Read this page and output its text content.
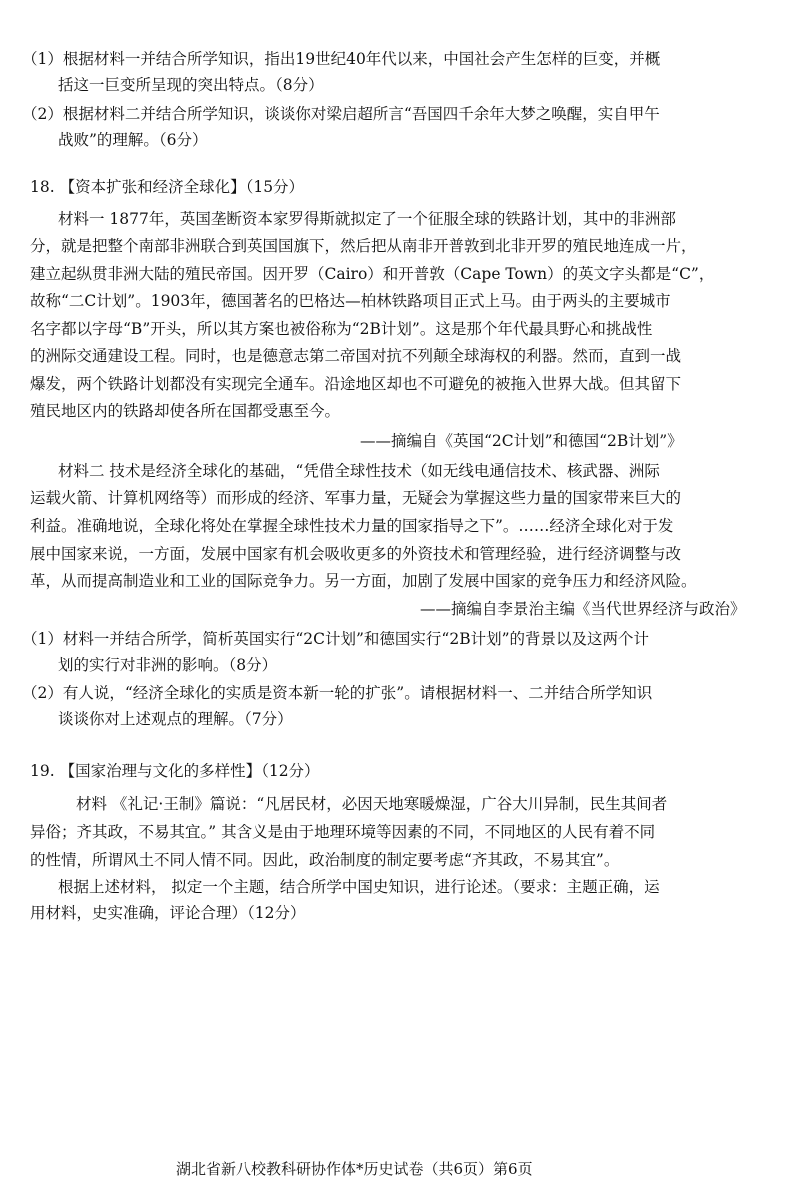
（1）根据材料一并结合所学知识，指出19世纪40年代以来，中国社会产生怎样的巨变，并概
括这一巨变所呈现的突出特点。（8分）
（2）根据材料二并结合所学知识，谈谈你对梁启超所言“吾国四千余年大梦之唤醒，实自甲午
战败”的理解。（6分）
18. 【资本扩张和经济全球化】（15分）
材料一 1877年，英国垄断资本家罗得斯就拟定了一个征服全球的铁路计划，其中的非洲部
分，就是把整个南部非洲联合到英国国旗下，然后把从南非开普敦到北非开罗的殖民地连成一片，
建立起纵贯非洲大陆的殖民帝国。因开罗（Cairo）和开普敦（Cape Town）的英文字头都是“C”，
故称“二C计划”。1903年，德国著名的巴格达—柏林铁路项目正式上马。由于两头的主要城市
名字都以字母“B”开头，所以其方案也被俗称为“2B计划”。这是那个年代最具野心和挑战性
的洲际交通建设工程。同时，也是德意志第二帝国对抗不列颠全球海权的利器。然而，直到一战
爆发，两个铁路计划都没有实现完全通车。沿途地区却也不可避免的被拖入世界大战。但其留下
殖民地区内的铁路却使各所在国都受惠至今。
——摘编自《英国“2C计划”和德国“2B计划”》
材料二 技术是经济全球化的基础，“凭借全球性技术（如无线电通信技术、核武器、洲际
运载火箭、计算机网络等）而形成的经济、军事力量，无疑会为掌握这些力量的国家带来巨大的
利益。准确地说，全球化将处在掌握全球性技术力量的国家指导之下”。……经济全球化对于发
展中国家来说，一方面，发展中国家有机会吸收更多的外资技术和管理经验，进行经济调整与改
革，从而提高制造业和工业的国际竞争力。另一方面，加剧了发展中国家的竞争压力和经济风险。
——摘编自李景治主编《当代世界经济与政治》
（1）材料一并结合所学，简析英国实行“2C计划”和德国实行“2B计划”的背景以及这两个计
划的实行对非洲的影响。（8分）
（2）有人说，“经济全球化的实质是资本新一轮的扩张”。请根据材料一、二并结合所学知识
谈谈你对上述观点的理解。（7分）
19. 【国家治理与文化的多样性】（12分）
材料 《礼记·王制》篇说：“凡居民材，必因天地寒暖燥湿，广谷大川异制，民生其间者
异俗；齐其政，不易其宜。” 其含义是由于地理环境等因素的不同，不同地区的人民有着不同
的性情，所谓风土不同人情不同。因此，政治制度的制定要考虑“齐其政，不易其宜”。
根据上述材料， 拟定一个主题，结合所学中国史知识，进行论述。（要求：主题正确，运
用材料，史实准确，评论合理）（12分）
湖北省新八校教科研协作体*历史试卷（共6页）第6页
